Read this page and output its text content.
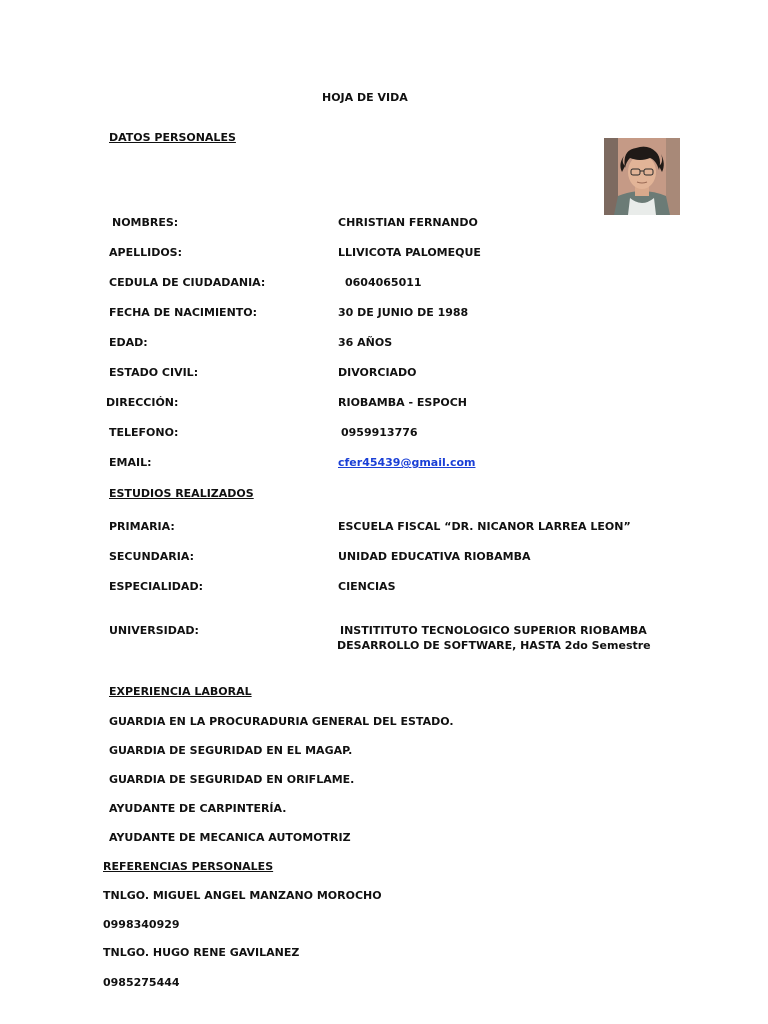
HOJA DE VIDA
DATOS PERSONALES
NOMBRES:	CHRISTIAN FERNANDO
APELLIDOS:	LLIVICOTA PALOMEQUE
CEDULA DE CIUDADANIA:	0604065011
FECHA DE NACIMIENTO:	30 DE JUNIO DE 1988
EDAD:	36 AÑOS
ESTADO CIVIL:	DIVORCIADO
DIRECCIÓN:	RIOBAMBA - ESPOCH
TELEFONO:	0959913776
EMAIL:	cfer45439@gmail.com
ESTUDIOS REALIZADOS
PRIMARIA:	ESCUELA FISCAL “DR. NICANOR LARREA LEON”
SECUNDARIA:	UNIDAD EDUCATIVA RIOBAMBA
ESPECIALIDAD:	CIENCIAS
UNIVERSIDAD:	INSTITITUTO TECNOLOGICO SUPERIOR RIOBAMBA
DESARROLLO DE SOFTWARE, HASTA 2do Semestre
EXPERIENCIA LABORAL
GUARDIA EN LA PROCURADURIA GENERAL DEL ESTADO.
GUARDIA DE SEGURIDAD EN EL MAGAP.
GUARDIA DE SEGURIDAD EN ORIFLAME.
AYUDANTE DE CARPINTERÍA.
AYUDANTE DE MECANICA AUTOMOTRIZ
REFERENCIAS PERSONALES
TNLGO. MIGUEL ANGEL MANZANO MOROCHO
0998340929
TNLGO. HUGO RENE GAVILANEZ
0985275444
